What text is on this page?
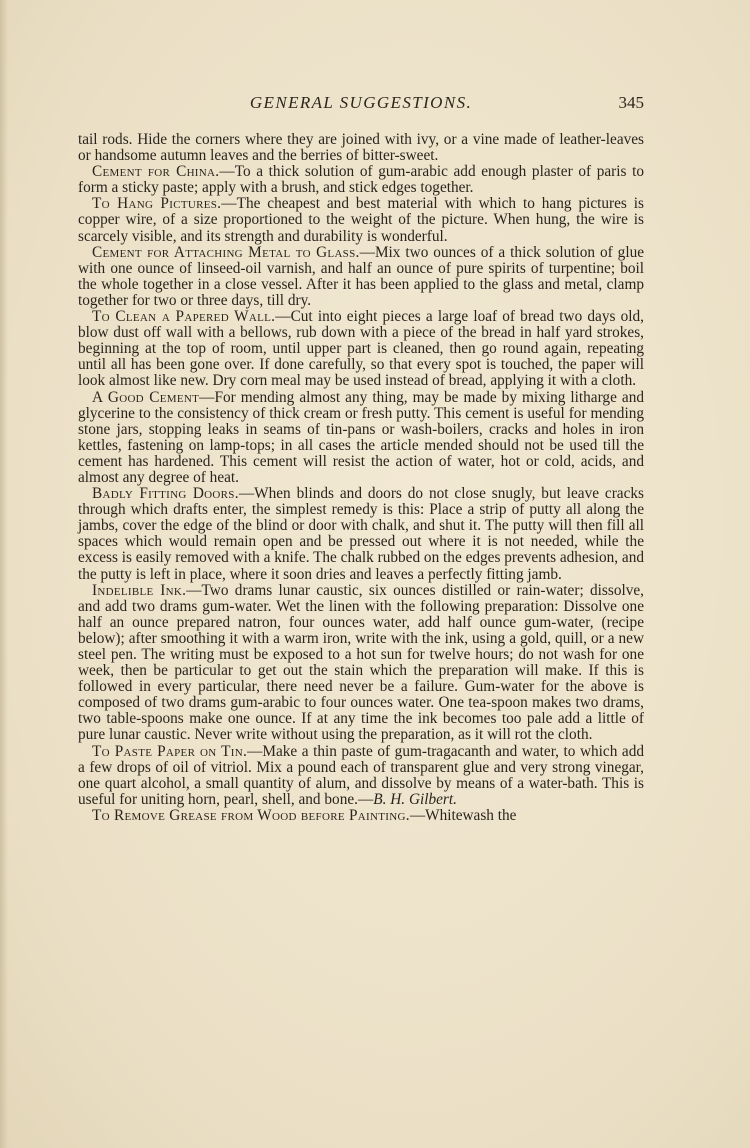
GENERAL SUGGESTIONS.	345

tail rods. Hide the corners where they are joined with ivy, or a vine made of leather-leaves or handsome autumn leaves and the berries of bitter-sweet.

Cement for China.—To a thick solution of gum-arabic add enough plaster of paris to form a sticky paste; apply with a brush, and stick edges together.

To Hang Pictures.—The cheapest and best material with which to hang pictures is copper wire, of a size proportioned to the weight of the picture. When hung, the wire is scarcely visible, and its strength and durability is wonderful.

Cement for Attaching Metal to Glass.—Mix two ounces of a thick solution of glue with one ounce of linseed-oil varnish, and half an ounce of pure spirits of turpentine; boil the whole together in a close vessel. After it has been applied to the glass and metal, clamp together for two or three days, till dry.

To Clean a Papered Wall.—Cut into eight pieces a large loaf of bread two days old, blow dust off wall with a bellows, rub down with a piece of the bread in half yard strokes, beginning at the top of room, until upper part is cleaned, then go round again, repeating until all has been gone over. If done carefully, so that every spot is touched, the paper will look almost like new. Dry corn meal may be used instead of bread, applying it with a cloth.

A Good Cement—For mending almost any thing, may be made by mixing litharge and glycerine to the consistency of thick cream or fresh putty. This cement is useful for mending stone jars, stopping leaks in seams of tin-pans or wash-boilers, cracks and holes in iron kettles, fastening on lamp-tops; in all cases the article mended should not be used till the cement has hardened. This cement will resist the action of water, hot or cold, acids, and almost any degree of heat.

Badly Fitting Doors.—When blinds and doors do not close snugly, but leave cracks through which drafts enter, the simplest remedy is this: Place a strip of putty all along the jambs, cover the edge of the blind or door with chalk, and shut it. The putty will then fill all spaces which would remain open and be pressed out where it is not needed, while the excess is easily removed with a knife. The chalk rubbed on the edges prevents adhesion, and the putty is left in place, where it soon dries and leaves a perfectly fitting jamb.

Indelible Ink.—Two drams lunar caustic, six ounces distilled or rain-water; dissolve, and add two drams gum-water. Wet the linen with the following preparation: Dissolve one half an ounce prepared natron, four ounces water, add half ounce gum-water, (recipe below); after smoothing it with a warm iron, write with the ink, using a gold, quill, or a new steel pen. The writing must be exposed to a hot sun for twelve hours; do not wash for one week, then be particular to get out the stain which the preparation will make. If this is followed in every particular, there need never be a failure. Gum-water for the above is composed of two drams gum-arabic to four ounces water. One tea-spoon makes two drams, two table-spoons make one ounce. If at any time the ink becomes too pale add a little of pure lunar caustic. Never write without using the preparation, as it will rot the cloth.

To Paste Paper on Tin.—Make a thin paste of gum-tragacanth and water, to which add a few drops of oil of vitriol. Mix a pound each of transparent glue and very strong vinegar, one quart alcohol, a small quantity of alum, and dissolve by means of a water-bath. This is useful for uniting horn, pearl, shell, and bone.—B. H. Gilbert.

To Remove Grease from Wood before Painting.—Whitewash the
